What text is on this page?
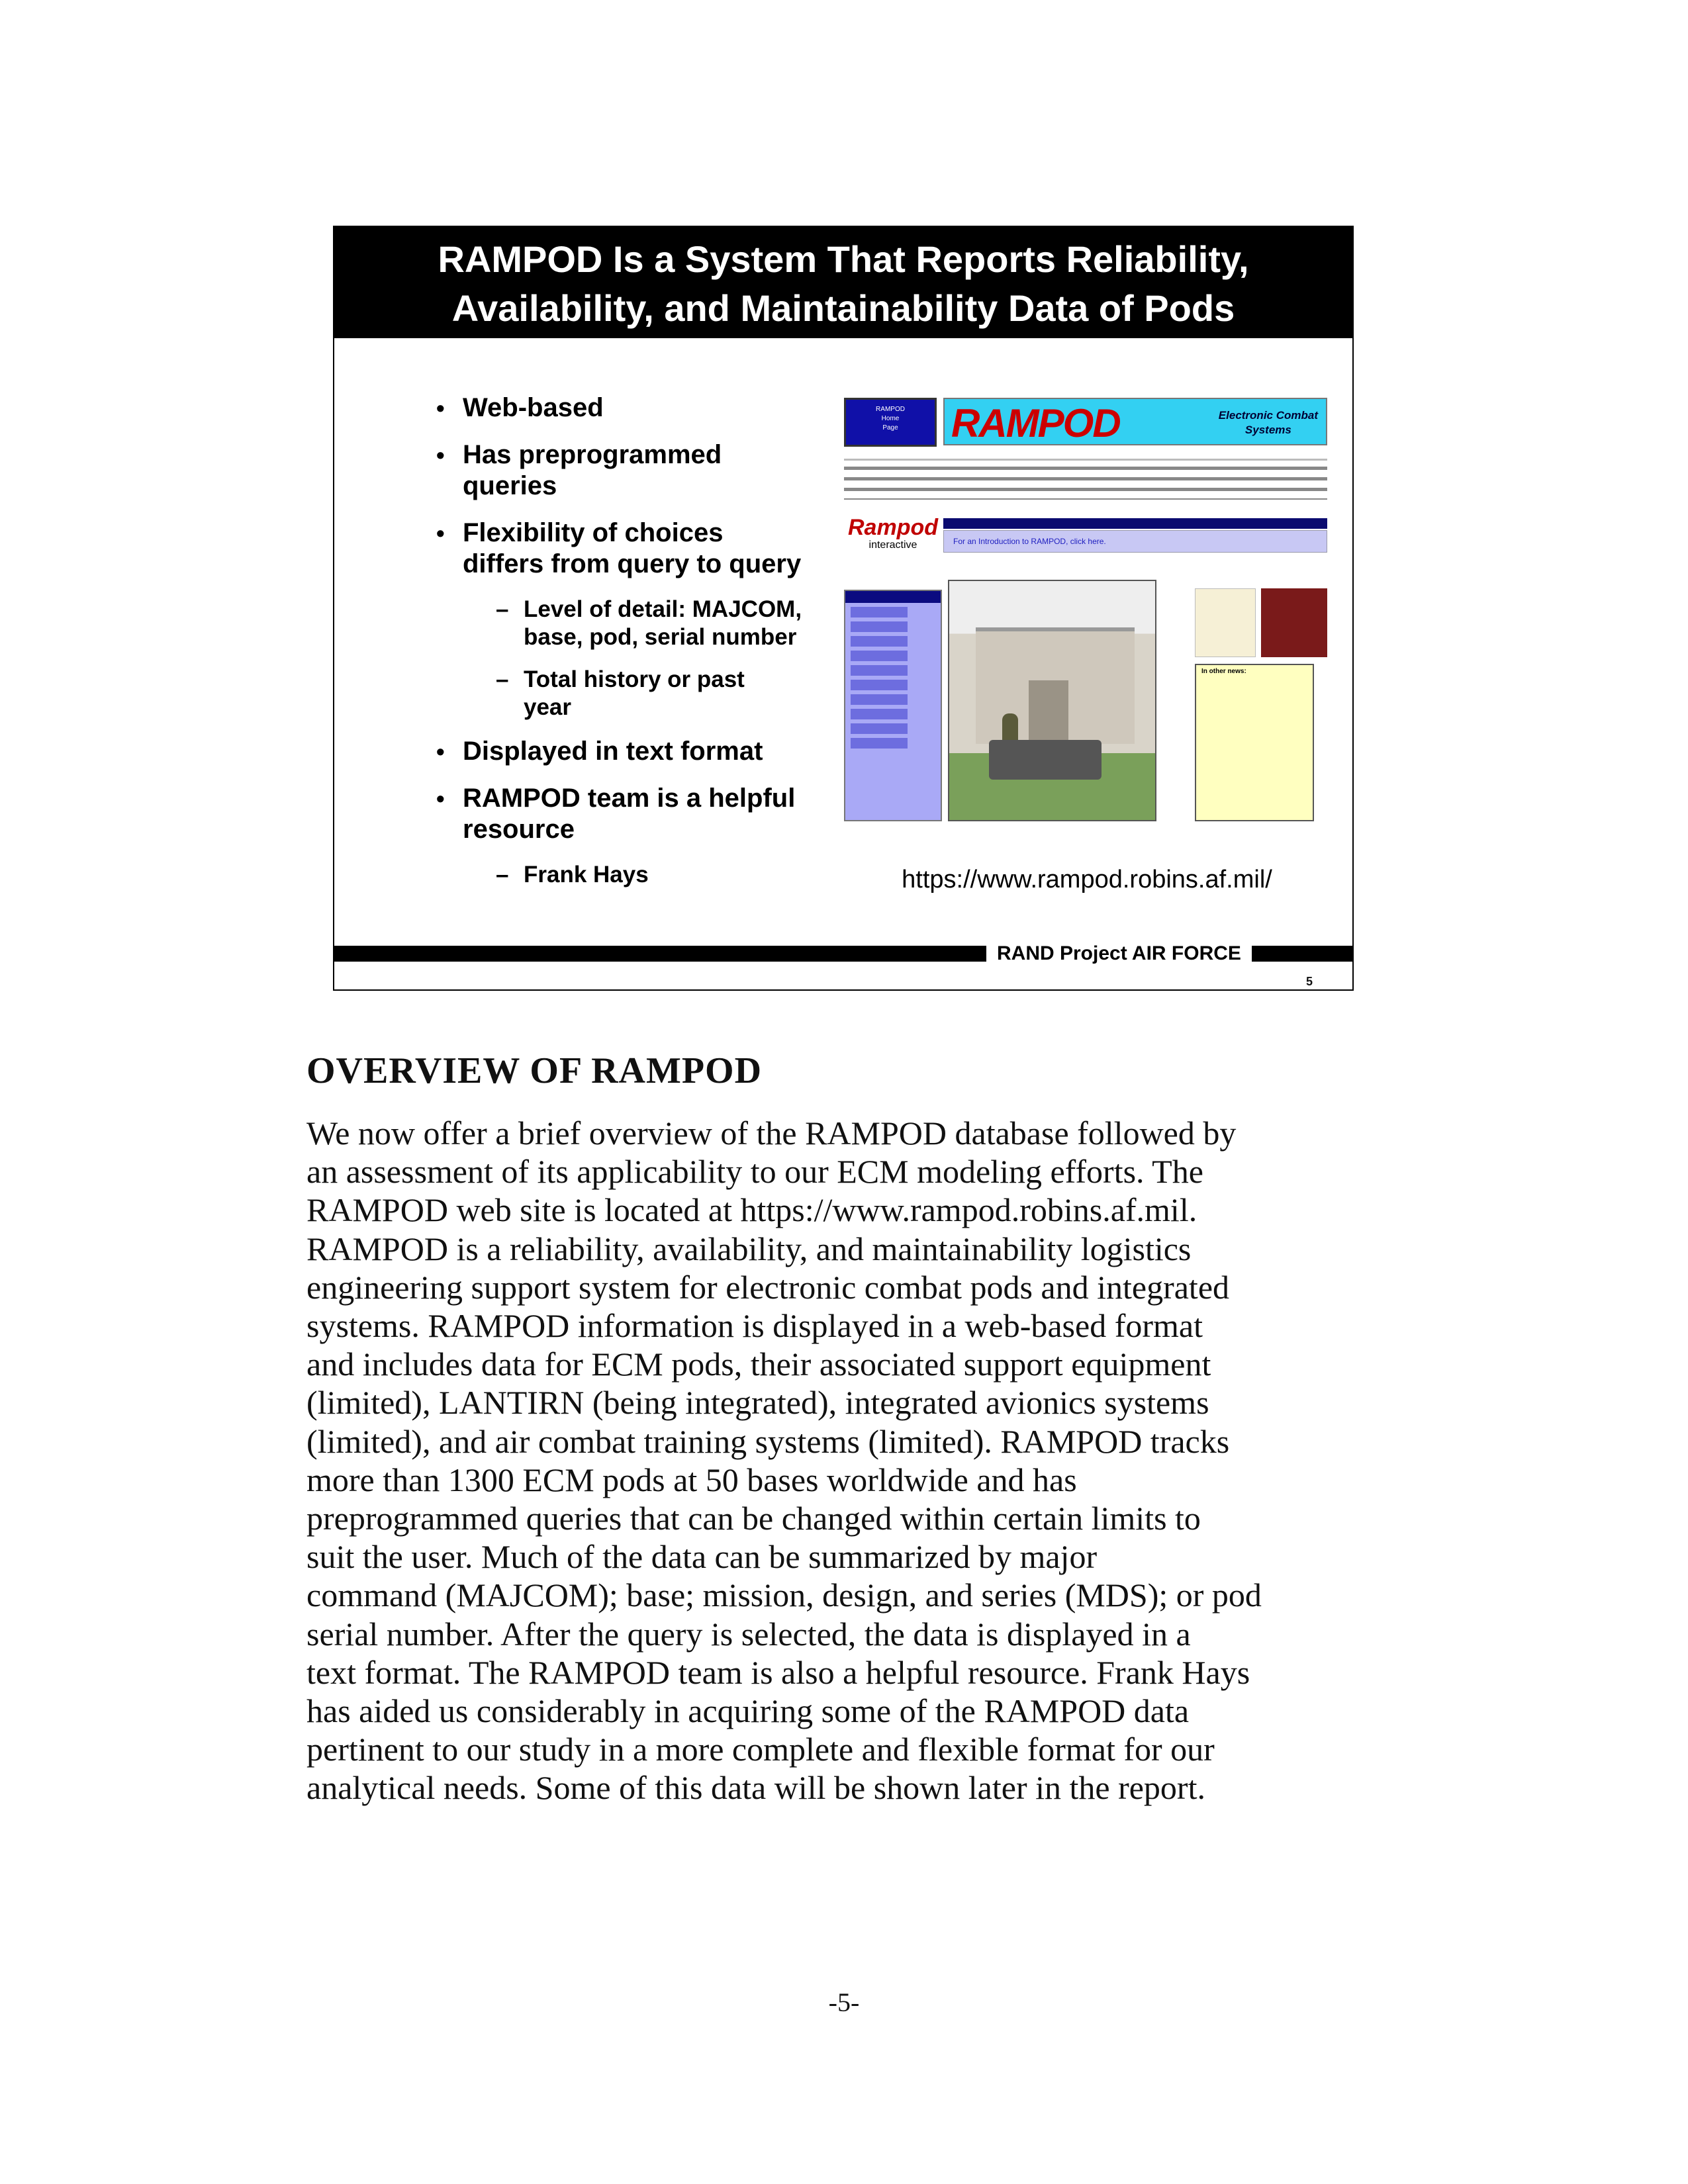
RAMPOD Is a System That Reports Reliability,
Availability, and Maintainability Data of Pods
• Web-based
• Has preprogrammed
queries
• Flexibility of choices
differs from query to query
– Level of detail: MAJCOM,
base, pod, serial number
– Total history or past
year
• Displayed in text format
• RAMPOD team is a helpful
resource
– Frank Hays
RAMPOD
Home
Page	RAMPOD	Electronic Combat
Systems
Rampod
interactive	For an Introduction to RAMPOD, click here.
In other news:
https://www.rampod.robins.af.mil/
RAND Project AIR FORCE
5
OVERVIEW OF RAMPOD
We now offer a brief overview of the RAMPOD database followed by
an assessment of its applicability to our ECM modeling efforts. The
RAMPOD web site is located at https://www.rampod.robins.af.mil.
RAMPOD is a reliability, availability, and maintainability logistics
engineering support system for electronic combat pods and integrated
systems. RAMPOD information is displayed in a web-based format
and includes data for ECM pods, their associated support equipment
(limited), LANTIRN (being integrated), integrated avionics systems
(limited), and air combat training systems (limited). RAMPOD tracks
more than 1300 ECM pods at 50 bases worldwide and has
preprogrammed queries that can be changed within certain limits to
suit the user. Much of the data can be summarized by major
command (MAJCOM); base; mission, design, and series (MDS); or pod
serial number. After the query is selected, the data is displayed in a
text format. The RAMPOD team is also a helpful resource. Frank Hays
has aided us considerably in acquiring some of the RAMPOD data
pertinent to our study in a more complete and flexible format for our
analytical needs. Some of this data will be shown later in the report.
-5-
